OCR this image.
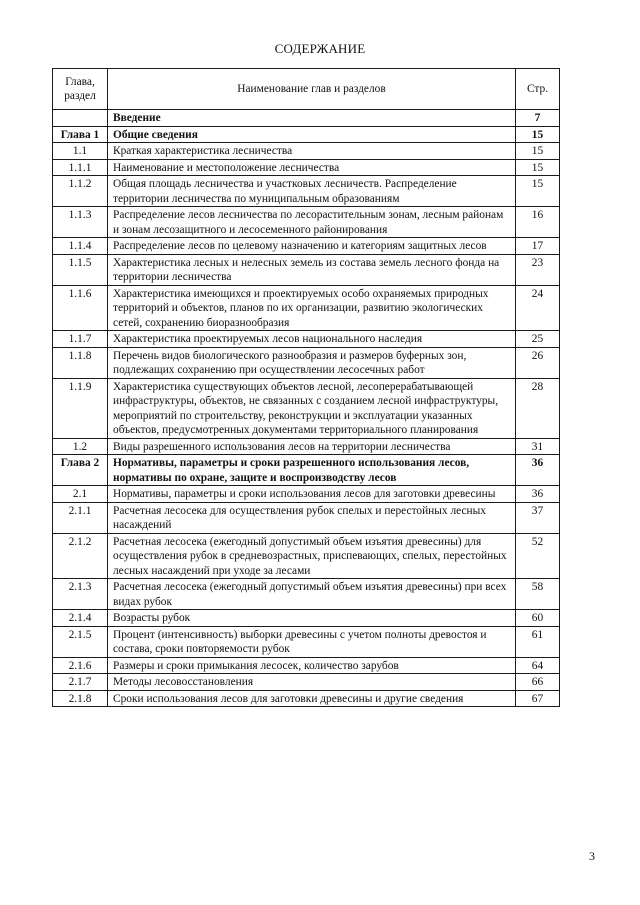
СОДЕРЖАНИЕ
Глава, раздел	Наименование глав и разделов	Стр.
	Введение	7
Глава 1	Общие сведения	15
1.1	Краткая характеристика лесничества	15
1.1.1	Наименование и местоположение лесничества	15
1.1.2	Общая площадь лесничества и участковых лесничеств. Распределение территории лесничества по муниципальным образованиям	15
1.1.3	Распределение лесов лесничества по лесорастительным зонам, лесным районам и зонам лесозащитного и лесосеменного районирования	16
1.1.4	Распределение лесов по целевому назначению и категориям защитных лесов	17
1.1.5	Характеристика лесных и нелесных земель из состава земель лесного фонда на территории лесничества	23
1.1.6	Характеристика имеющихся и проектируемых особо охраняемых природных территорий и объектов, планов по их организации, развитию экологических сетей, сохранению биоразнообразия	24
1.1.7	Характеристика проектируемых лесов национального наследия	25
1.1.8	Перечень видов биологического разнообразия и размеров буферных зон, подлежащих сохранению при осуществлении лесосечных работ	26
1.1.9	Характеристика существующих объектов лесной, лесоперерабатывающей инфраструктуры, объектов, не связанных с созданием лесной инфраструктуры, мероприятий по строительству, реконструкции и эксплуатации указанных объектов, предусмотренных документами территориального планирования	28
1.2	Виды разрешенного использования лесов на территории лесничества	31
Глава 2	Нормативы, параметры и сроки разрешенного использования лесов, нормативы по охране, защите и воспроизводству лесов	36
2.1	Нормативы, параметры и сроки использования лесов для заготовки древесины	36
2.1.1	Расчетная лесосека для осуществления рубок спелых и перестойных лесных насаждений	37
2.1.2	Расчетная лесосека (ежегодный допустимый объем изъятия древесины) для осуществления рубок в средневозрастных, приспевающих, спелых, перестойных лесных насаждений при уходе за лесами	52
2.1.3	Расчетная лесосека (ежегодный допустимый объем изъятия древесины) при всех видах рубок	58
2.1.4	Возрасты рубок	60
2.1.5	Процент (интенсивность) выборки древесины с учетом полноты древостоя и состава, сроки повторяемости рубок	61
2.1.6	Размеры и сроки примыкания лесосек, количество зарубов	64
2.1.7	Методы лесовосстановления	66
2.1.8	Сроки использования лесов для заготовки древесины и другие сведения	67
3
